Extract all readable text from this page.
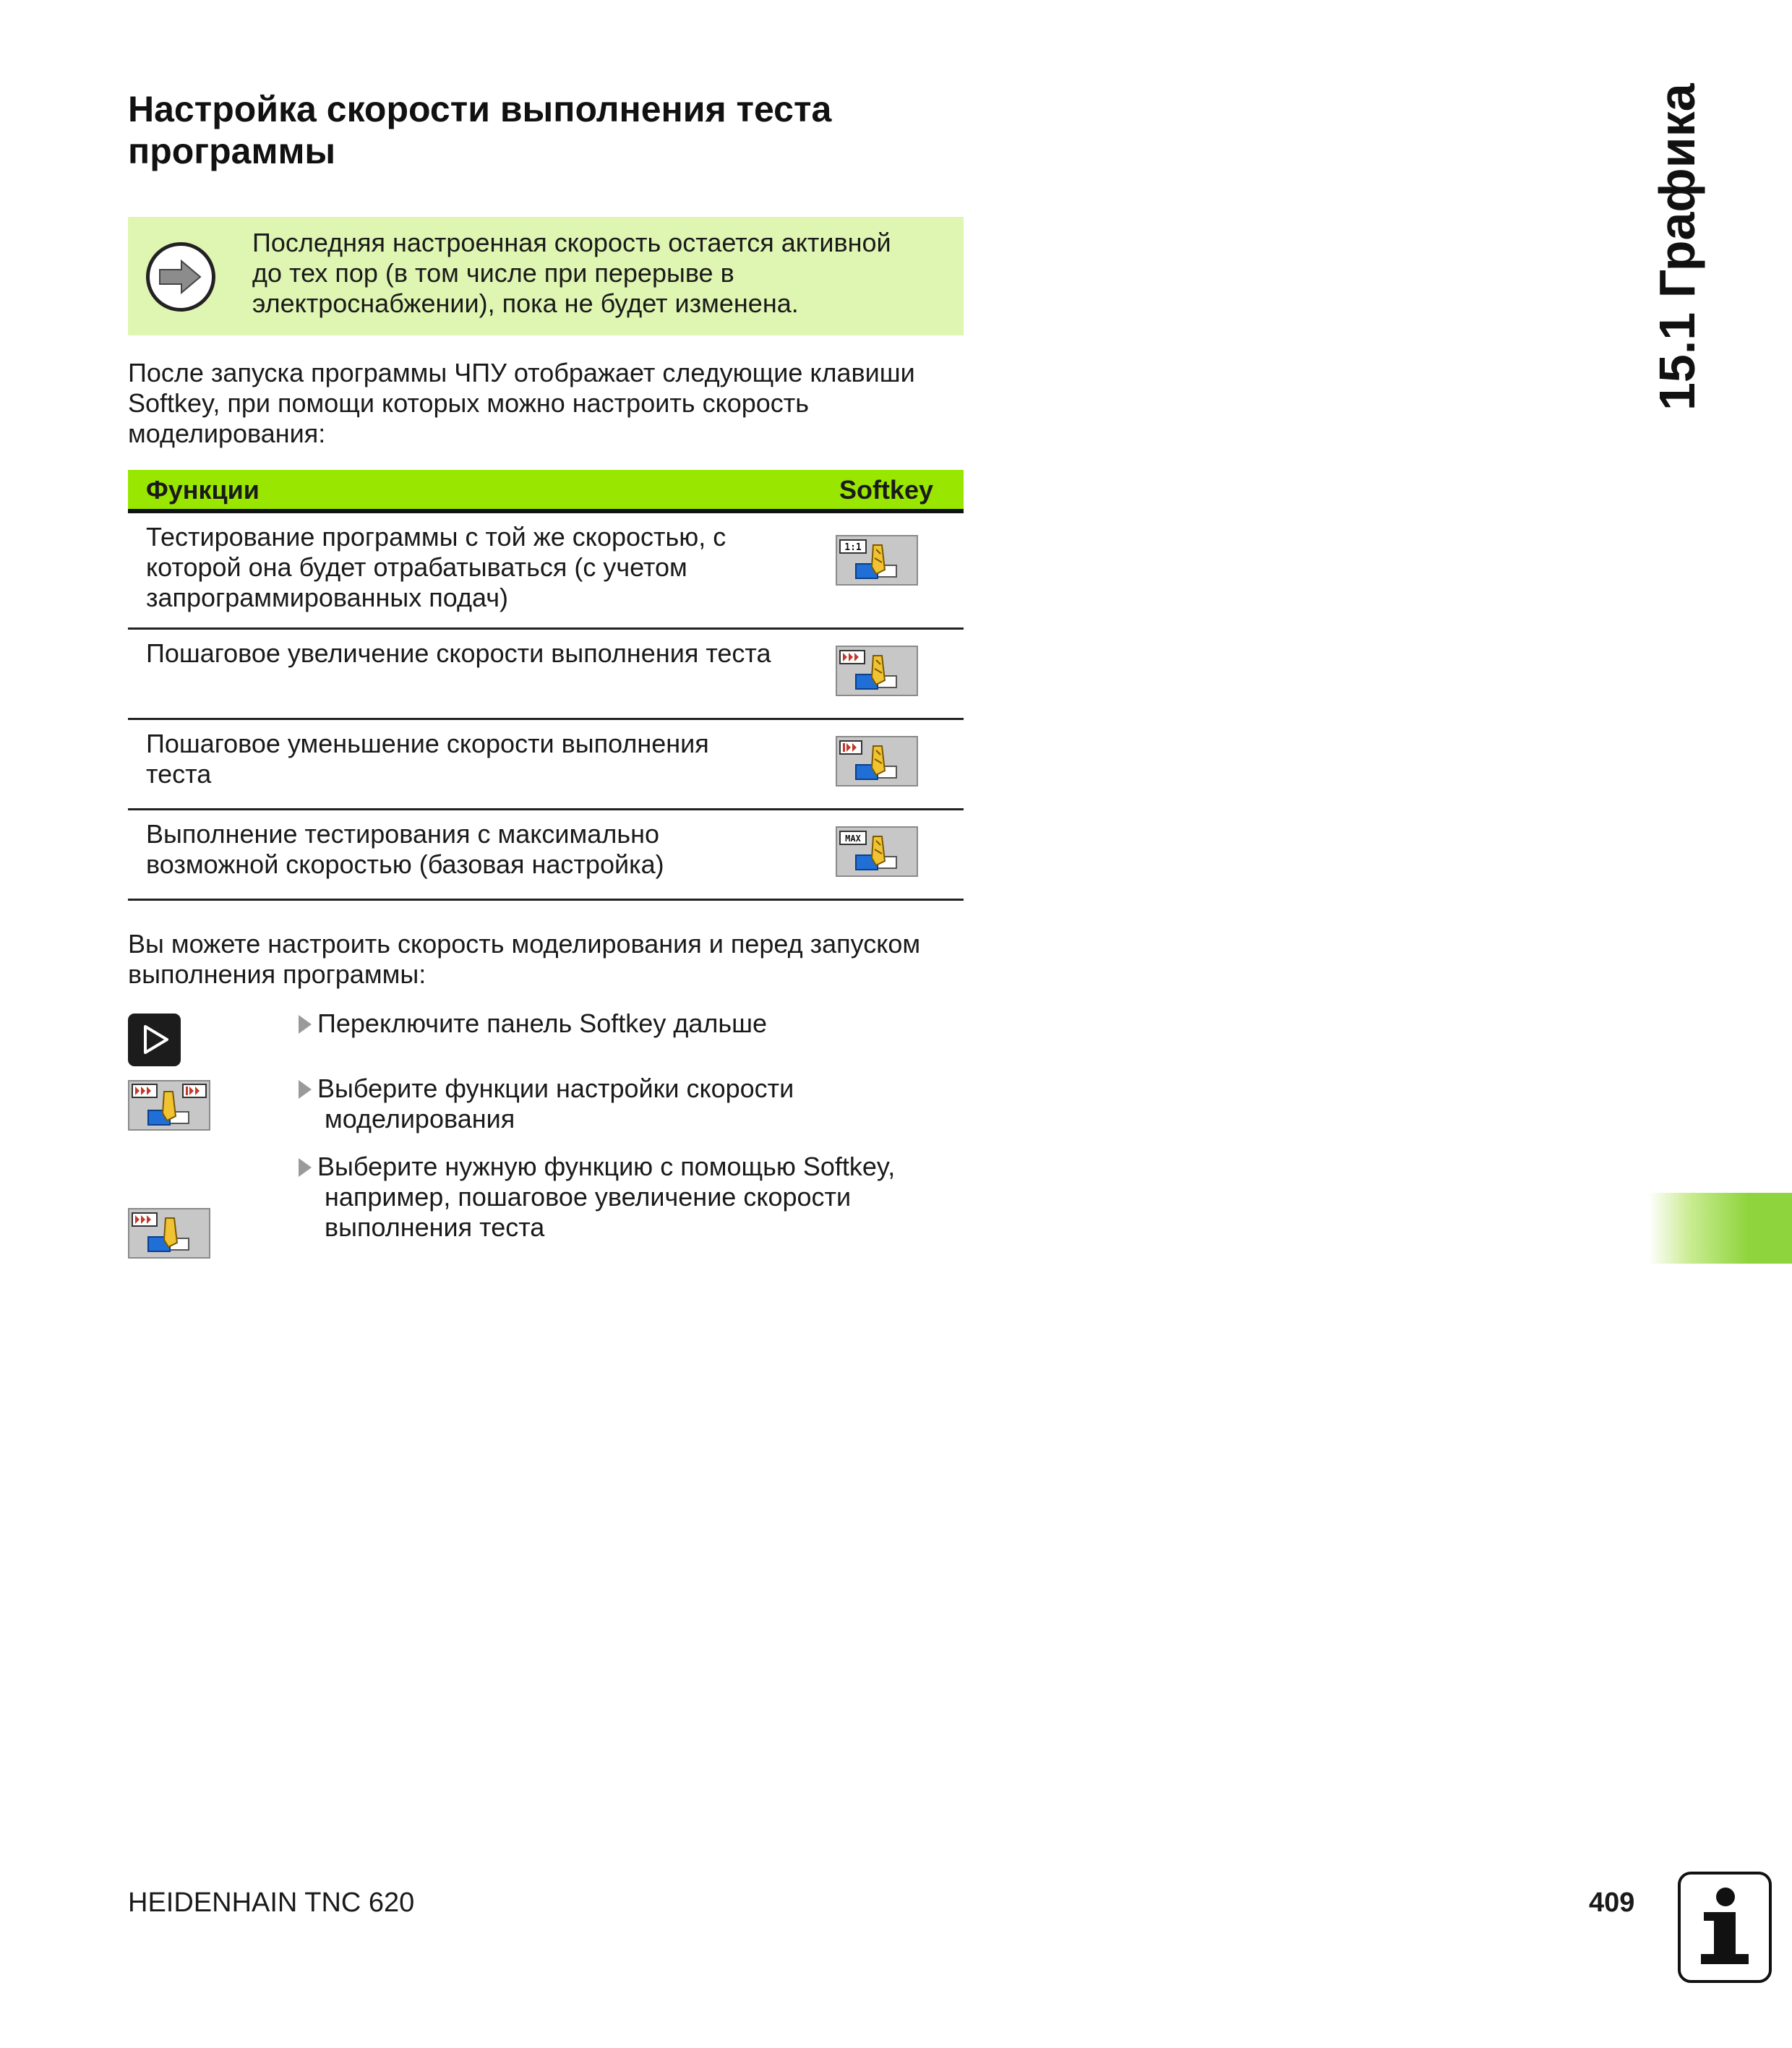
Настройка скорости выполнения теста
программы
Последняя настроенная скорость остается активной
до тех пор (в том числе при перерыве в
электроснабжении), пока не будет изменена.
После запуска программы ЧПУ отображает следующие клавиши
Softkey, при помощи которых можно настроить скорость
моделирования:
Функции	Softkey
Тестирование программы с той же скоростью, с
которой она будет отрабатываться (с учетом
запрограммированных подач)
1:1
Пошаговое увеличение скорости выполнения теста
Пошаговое уменьшение скорости выполнения
теста
Выполнение тестирования с максимально
возможной скоростью (базовая настройка)
MAX
Вы можете настроить скорость моделирования и перед запуском
выполнения программы:
Переключите панель Softkey дальше
Выберите функции настройки скорости
моделирования
Выберите нужную функцию с помощью Softkey,
например, пошаговое увеличение скорости
выполнения теста
15.1 Графика
HEIDENHAIN TNC 620	409
